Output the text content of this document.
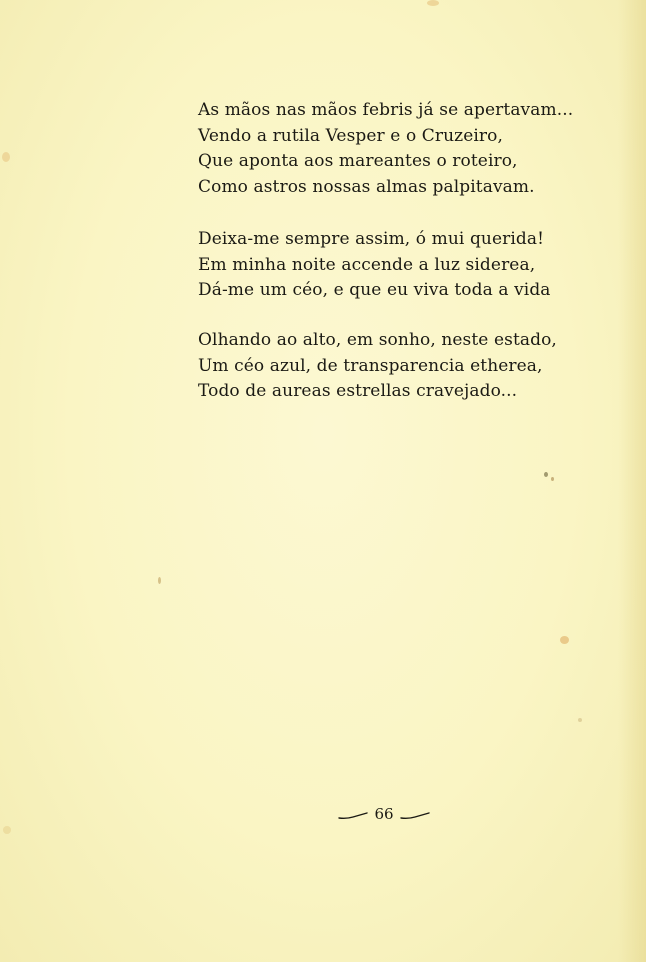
As mãos nas mãos febris já se apertavam...
Vendo a rutila Vesper e o Cruzeiro,
Que aponta aos mareantes o roteiro,
Como astros nossas almas palpitavam.
Deixa-me sempre assim, ó mui querida!
Em minha noite accende a luz siderea,
Dá-me um céo, e que eu viva toda a vida
Olhando ao alto, em sonho, neste estado,
Um céo azul, de transparencia etherea,
Todo de aureas estrellas cravejado...
66
